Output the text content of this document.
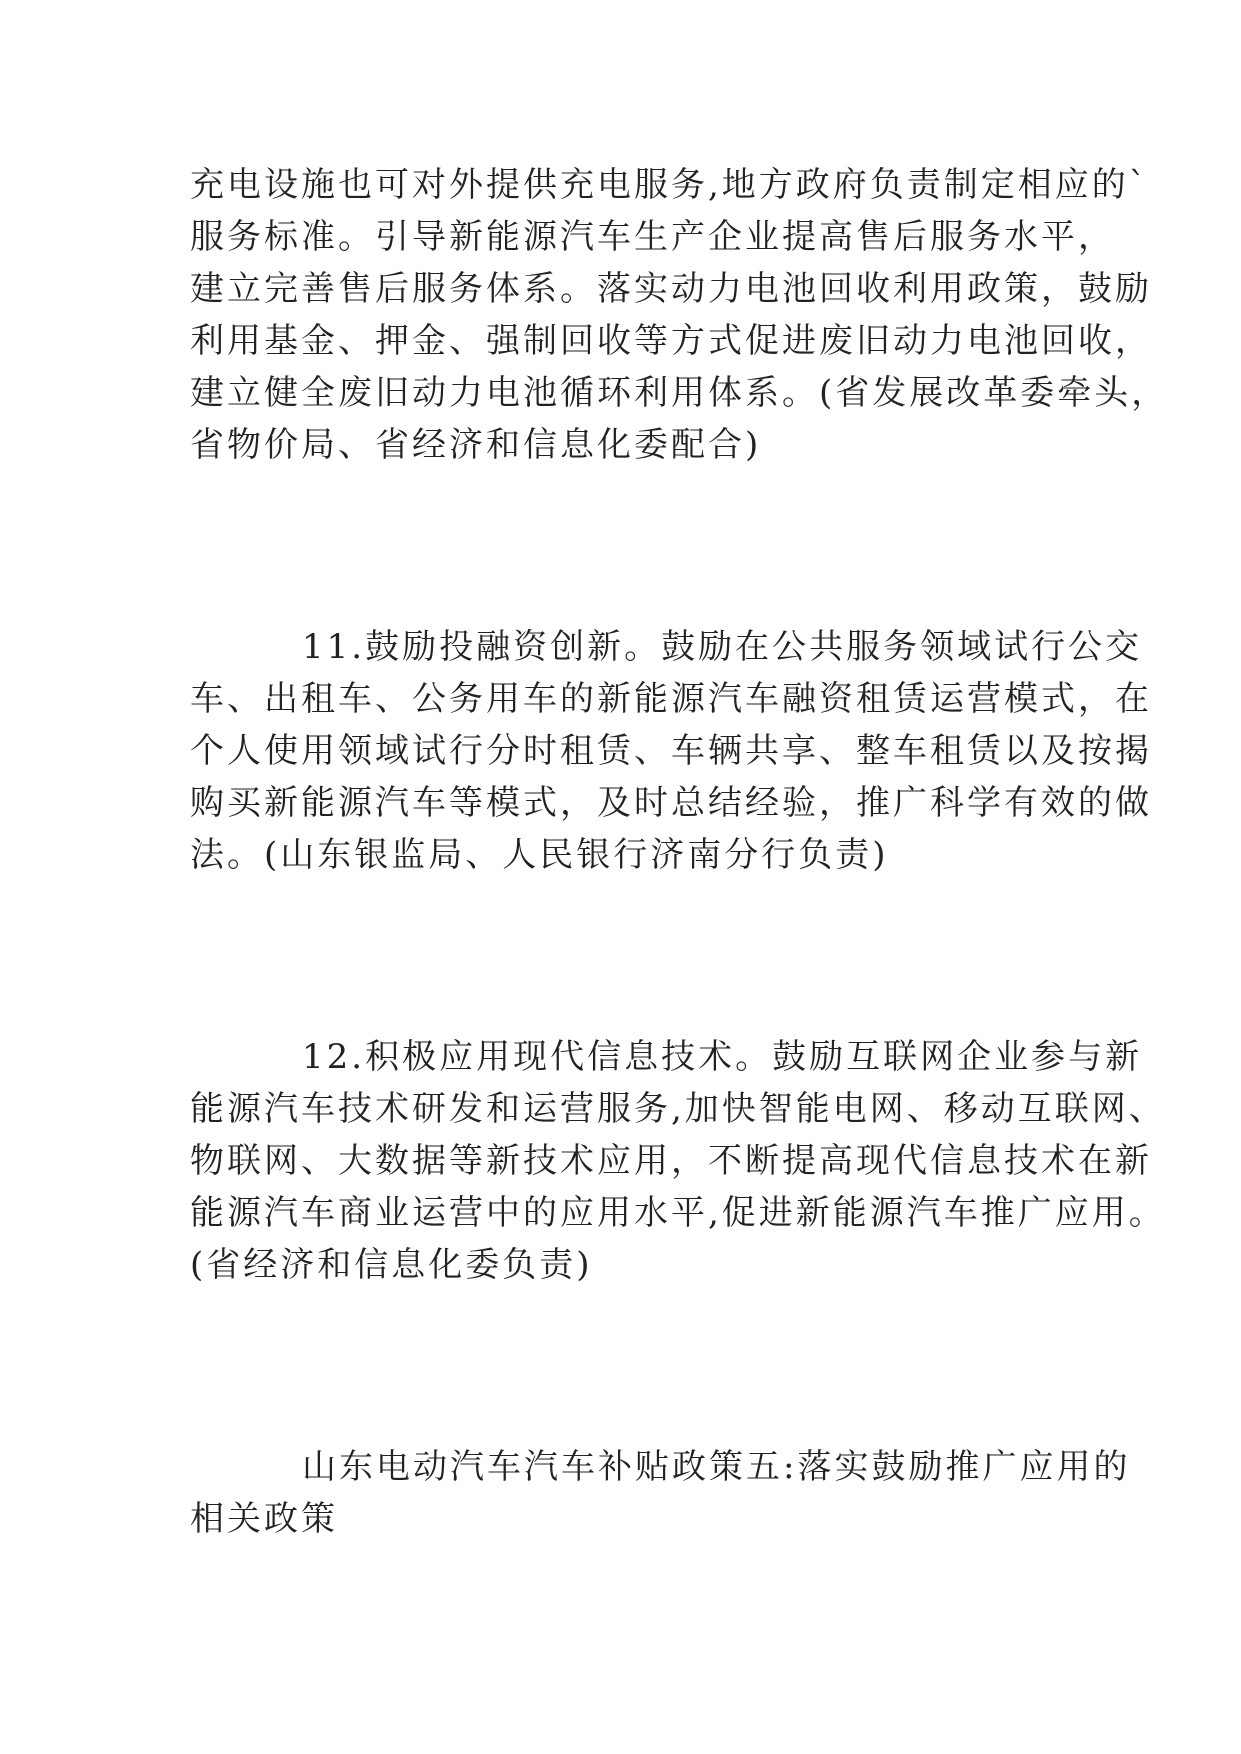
充电设施也可对外提供充电服务,地方政府负责制定相应的`
服务标准。引导新能源汽车生产企业提高售后服务水平，
建立完善售后服务体系。落实动力电池回收利用政策，鼓励
利用基金、押金、强制回收等方式促进废旧动力电池回收，
建立健全废旧动力电池循环利用体系。(省发展改革委牵头，
省物价局、省经济和信息化委配合)
11.鼓励投融资创新。鼓励在公共服务领域试行公交
车、出租车、公务用车的新能源汽车融资租赁运营模式，在
个人使用领域试行分时租赁、车辆共享、整车租赁以及按揭
购买新能源汽车等模式，及时总结经验，推广科学有效的做
法。(山东银监局、人民银行济南分行负责)
12.积极应用现代信息技术。鼓励互联网企业参与新
能源汽车技术研发和运营服务,加快智能电网、移动互联网、
物联网、大数据等新技术应用，不断提高现代信息技术在新
能源汽车商业运营中的应用水平,促进新能源汽车推广应用。
(省经济和信息化委负责)
山东电动汽车汽车补贴政策五:落实鼓励推广应用的
相关政策
